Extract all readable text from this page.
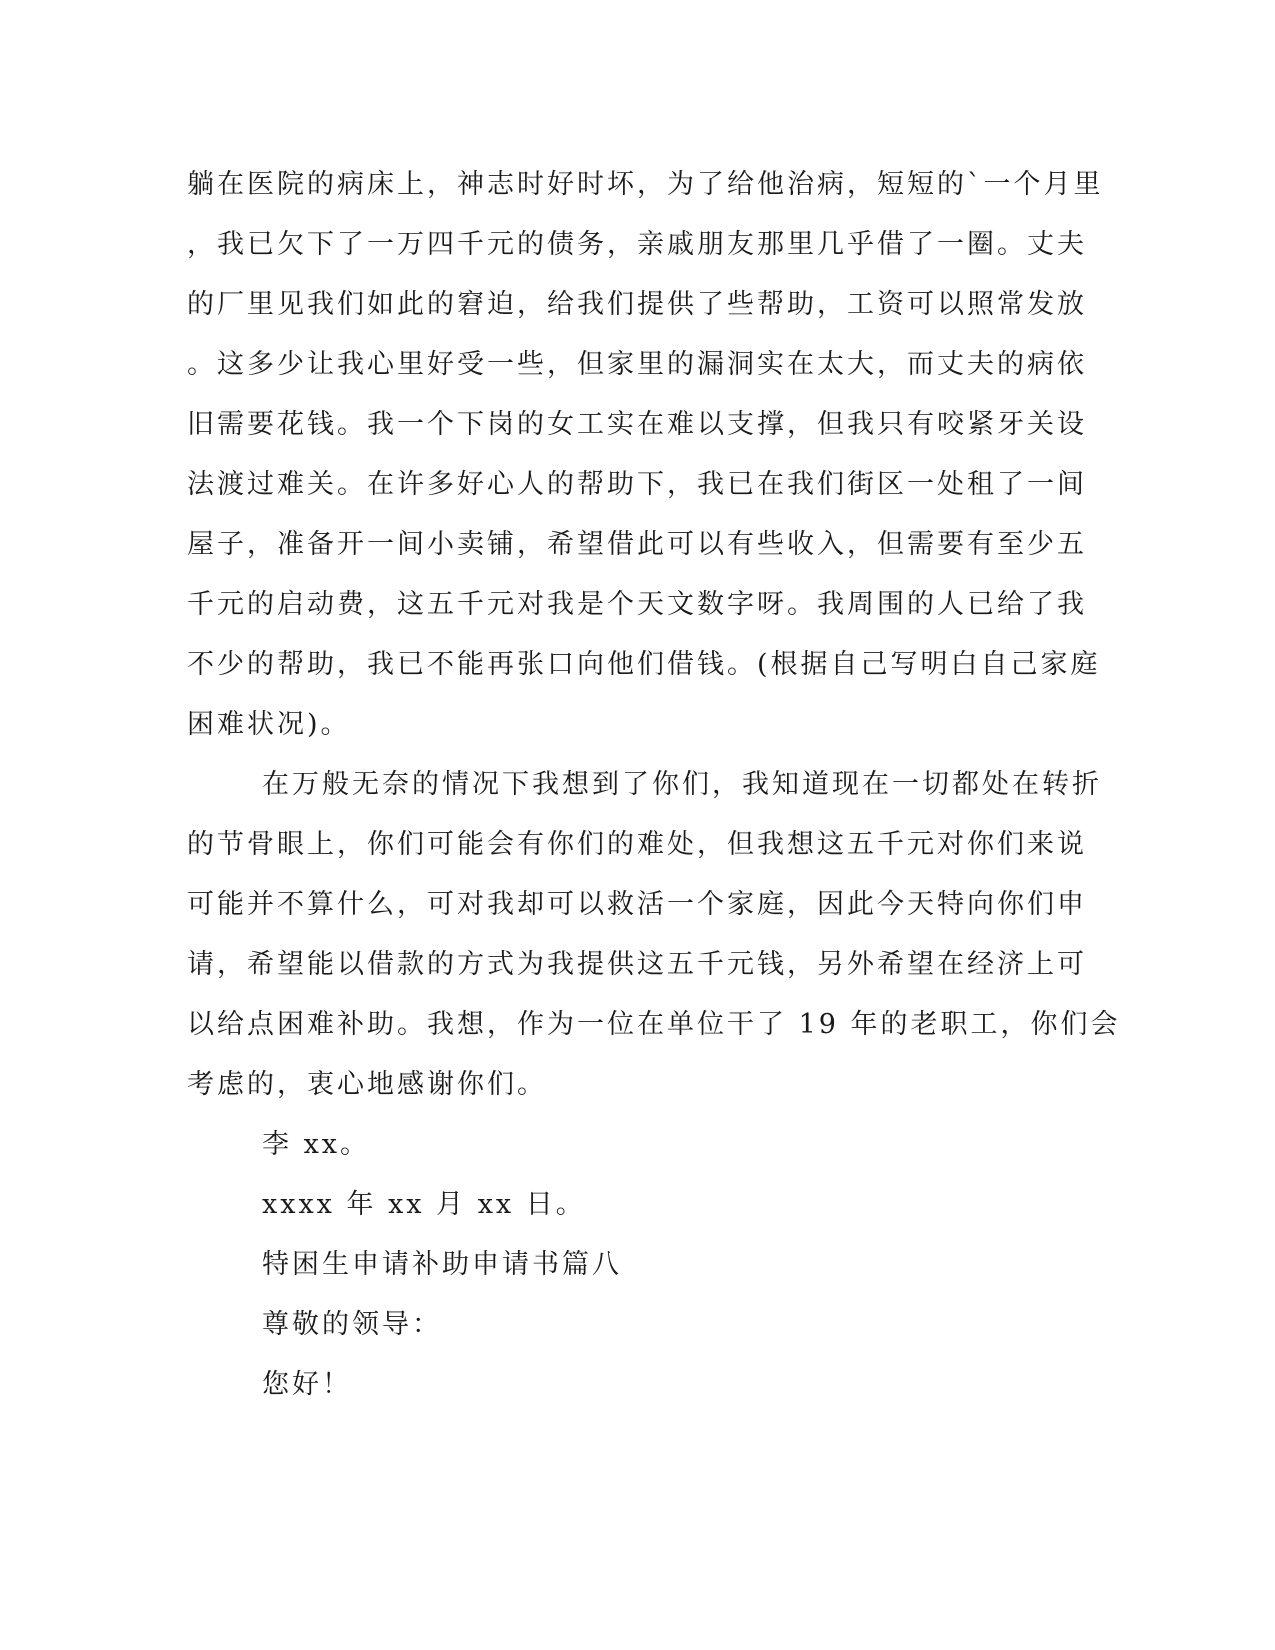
躺在医院的病床上，神志时好时坏，为了给他治病，短短的`一个月里
，我已欠下了一万四千元的债务，亲戚朋友那里几乎借了一圈。丈夫
的厂里见我们如此的窘迫，给我们提供了些帮助，工资可以照常发放
。这多少让我心里好受一些，但家里的漏洞实在太大，而丈夫的病依
旧需要花钱。我一个下岗的女工实在难以支撑，但我只有咬紧牙关设
法渡过难关。在许多好心人的帮助下，我已在我们街区一处租了一间
屋子，准备开一间小卖铺，希望借此可以有些收入，但需要有至少五
千元的启动费，这五千元对我是个天文数字呀。我周围的人已给了我
不少的帮助，我已不能再张口向他们借钱。(根据自己写明白自己家庭
困难状况)。
在万般无奈的情况下我想到了你们，我知道现在一切都处在转折
的节骨眼上，你们可能会有你们的难处，但我想这五千元对你们来说
可能并不算什么，可对我却可以救活一个家庭，因此今天特向你们申
请，希望能以借款的方式为我提供这五千元钱，另外希望在经济上可
以给点困难补助。我想，作为一位在单位干了 19 年的老职工，你们会
考虑的，衷心地感谢你们。
李 xx。
xxxx 年 xx 月 xx 日。
特困生申请补助申请书篇八
尊敬的领导：
您好！
